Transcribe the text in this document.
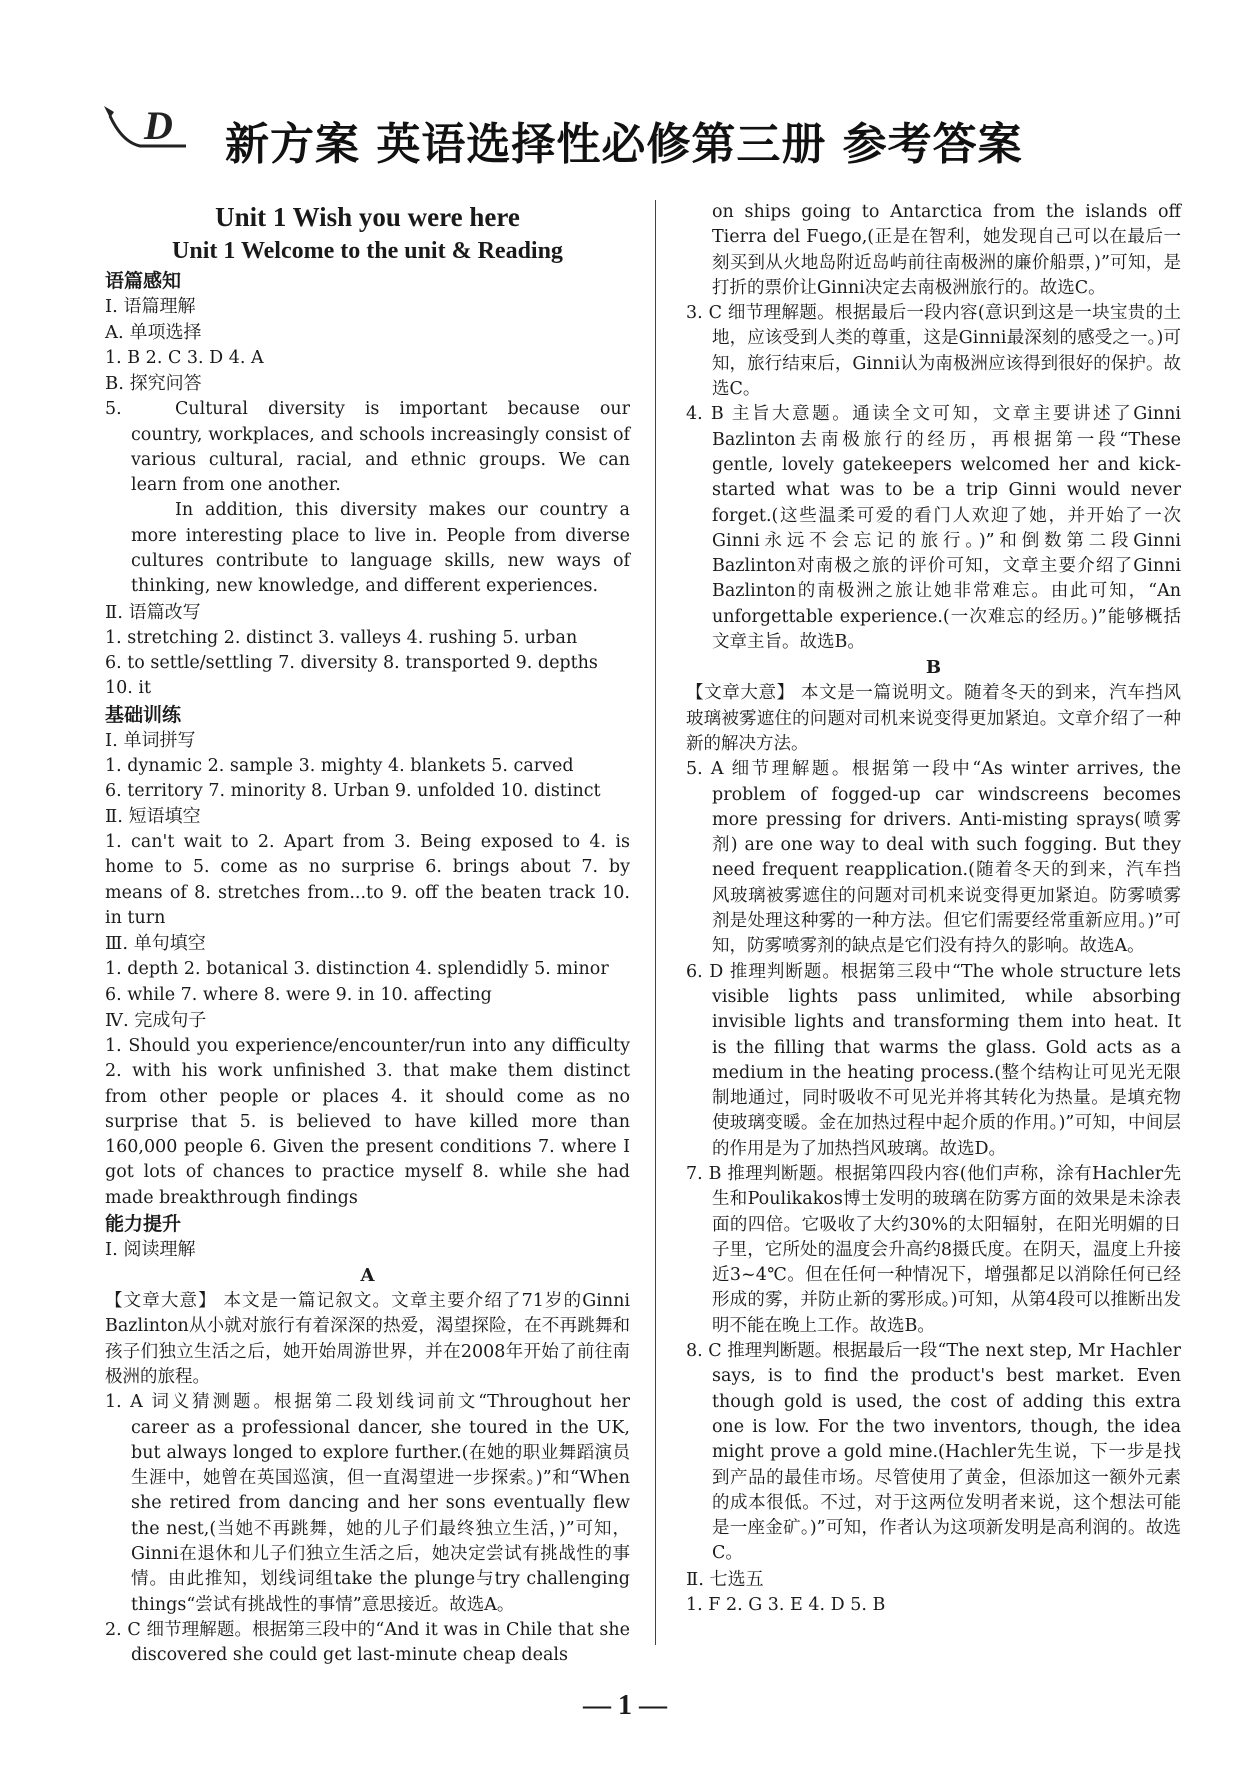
D 新方案 英语选择性必修第三册 参考答案
Unit 1 Wish you were here
Unit 1 Welcome to the unit & Reading
语篇感知
Ⅰ. 语篇理解
A. 单项选择
1. B 2. C 3. D 4. A
B. 探究问答
5.	Cultural diversity is important because our country, workplaces, and schools increasingly consist of various cultural, racial, and ethnic groups. We can learn from one another.
In addition, this diversity makes our country a more interesting place to live in. People from diverse cultures contribute to language skills, new ways of thinking, new knowledge, and different experiences.
Ⅱ. 语篇改写
1. stretching 2. distinct 3. valleys 4. rushing 5. urban
6. to settle/settling 7. diversity 8. transported 9. depths
10. it
基础训练
Ⅰ. 单词拼写
1. dynamic 2. sample 3. mighty 4. blankets 5. carved
6. territory 7. minority 8. Urban 9. unfolded 10. distinct
Ⅱ. 短语填空
1. can't wait to 2. Apart from 3. Being exposed to 4. is home to 5. come as no surprise 6. brings about 7. by means of 8. stretches from...to 9. off the beaten track 10. in turn
Ⅲ. 单句填空
1. depth 2. botanical 3. distinction 4. splendidly 5. minor
6. while 7. where 8. were 9. in 10. affecting
Ⅳ. 完成句子
1. Should you experience/encounter/run into any difficulty 2. with his work unfinished 3. that make them distinct from other people or places 4. it should come as no surprise that 5. is believed to have killed more than 160,000 people 6. Given the present conditions 7. where I got lots of chances to practice myself 8. while she had made breakthrough findings
能力提升
Ⅰ. 阅读理解
A
【文章大意】 本文是一篇记叙文。文章主要介绍了71岁的Ginni Bazlinton从小就对旅行有着深深的热爱，渴望探险，在不再跳舞和孩子们独立生活之后，她开始周游世界，并在2008年开始了前往南极洲的旅程。
1. A 词义猜测题。根据第二段划线词前文“Throughout her career as a professional dancer, she toured in the UK, but always longed to explore further.(在她的职业舞蹈演员生涯中，她曾在英国巡演，但一直渴望进一步探索。)”和“When she retired from dancing and her sons eventually flew the nest,(当她不再跳舞，她的儿子们最终独立生活，)”可知，Ginni在退休和儿子们独立生活之后，她决定尝试有挑战性的事情。由此推知，划线词组take the plunge与try challenging things“尝试有挑战性的事情”意思接近。故选A。
2. C 细节理解题。根据第三段中的“And it was in Chile that she discovered she could get last-minute cheap deals
on ships going to Antarctica from the islands off Tierra del Fuego,(正是在智利，她发现自己可以在最后一刻买到从火地岛附近岛屿前往南极洲的廉价船票，)”可知，是打折的票价让Ginni决定去南极洲旅行的。故选C。
3. C 细节理解题。根据最后一段内容(意识到这是一块宝贵的土地，应该受到人类的尊重，这是Ginni最深刻的感受之一。)可知，旅行结束后，Ginni认为南极洲应该得到很好的保护。故选C。
4. B 主旨大意题。通读全文可知，文章主要讲述了Ginni Bazlinton去南极旅行的经历，再根据第一段“These gentle, lovely gatekeepers welcomed her and kick-started what was to be a trip Ginni would never forget.(这些温柔可爱的看门人欢迎了她，并开始了一次Ginni永远不会忘记的旅行。)”和倒数第二段Ginni Bazlinton对南极之旅的评价可知，文章主要介绍了Ginni Bazlinton的南极洲之旅让她非常难忘。由此可知，“An unforgettable experience.(一次难忘的经历。)”能够概括文章主旨。故选B。
B
【文章大意】 本文是一篇说明文。随着冬天的到来，汽车挡风玻璃被雾遮住的问题对司机来说变得更加紧迫。文章介绍了一种新的解决方法。
5. A 细节理解题。根据第一段中“As winter arrives, the problem of fogged-up car windscreens becomes more pressing for drivers. Anti-misting sprays(喷雾剂) are one way to deal with such fogging. But they need frequent reapplication.(随着冬天的到来，汽车挡风玻璃被雾遮住的问题对司机来说变得更加紧迫。防雾喷雾剂是处理这种雾的一种方法。但它们需要经常重新应用。)”可知，防雾喷雾剂的缺点是它们没有持久的影响。故选A。
6. D 推理判断题。根据第三段中“The whole structure lets visible lights pass unlimited, while absorbing invisible lights and transforming them into heat. It is the filling that warms the glass. Gold acts as a medium in the heating process.(整个结构让可见光无限制地通过，同时吸收不可见光并将其转化为热量。是填充物使玻璃变暖。金在加热过程中起介质的作用。)”可知，中间层的作用是为了加热挡风玻璃。故选D。
7. B 推理判断题。根据第四段内容(他们声称，涂有Hachler先生和Poulikakos博士发明的玻璃在防雾方面的效果是未涂表面的四倍。它吸收了大约30%的太阳辐射，在阳光明媚的日子里，它所处的温度会升高约8摄氏度。在阴天，温度上升接近3~4℃。但在任何一种情况下，增强都足以消除任何已经形成的雾，并防止新的雾形成。)可知，从第4段可以推断出发明不能在晚上工作。故选B。
8. C 推理判断题。根据最后一段“The next step, Mr Hachler says, is to find the product's best market. Even though gold is used, the cost of adding this extra one is low. For the two inventors, though, the idea might prove a gold mine.(Hachler先生说，下一步是找到产品的最佳市场。尽管使用了黄金，但添加这一额外元素的成本很低。不过，对于这两位发明者来说，这个想法可能是一座金矿。)”可知，作者认为这项新发明是高利润的。故选C。
Ⅱ. 七选五
1. F 2. G 3. E 4. D 5. B
— 1 —
